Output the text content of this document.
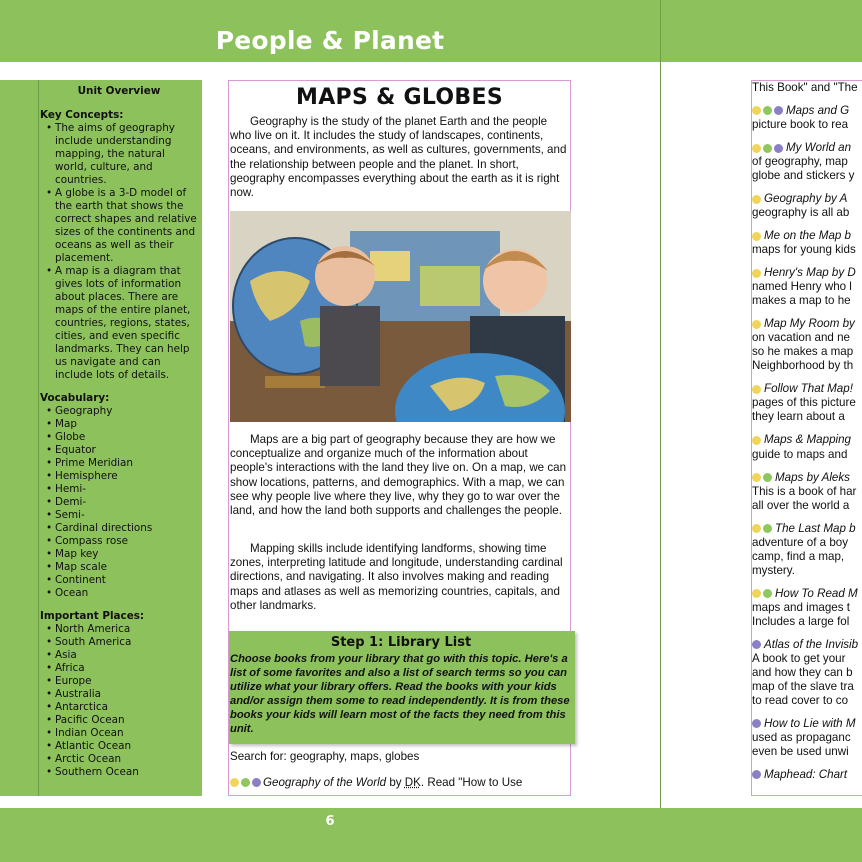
People & Planet
Unit Overview
Key Concepts:
• The aims of geography include understanding mapping, the natural world, culture, and countries.
• A globe is a 3-D model of the earth that shows the correct shapes and relative sizes of the continents and oceans as well as their placement.
• A map is a diagram that gives lots of information about places. There are maps of the entire planet, countries, regions, states, cities, and even specific landmarks. They can help us navigate and can include lots of details.
Vocabulary:
• Geography
• Map
• Globe
• Equator
• Prime Meridian
• Hemisphere
• Hemi-
• Demi-
• Semi-
• Cardinal directions
• Compass rose
• Map key
• Map scale
• Continent
• Ocean
Important Places:
• North America
• South America
• Asia
• Africa
• Europe
• Australia
• Antarctica
• Pacific Ocean
• Indian Ocean
• Atlantic Ocean
• Arctic Ocean
• Southern Ocean
MAPS & GLOBES

Geography is the study of the planet Earth and the people who live on it. It includes the study of landscapes, continents, oceans, and environments, as well as cultures, governments, and the relationship between people and the planet. In short, geography encompasses everything about the earth as it is right now.

Maps are a big part of geography because they are how we conceptualize and organize much of the information about people's interactions with the land they live on. On a map, we can show locations, patterns, and demographics. With a map, we can see why people live where they live, why they go to war over the land, and how the land both supports and challenges the people.

Mapping skills include identifying landforms, showing time zones, interpreting latitude and longitude, understanding cardinal directions, and navigating. It also involves making and reading maps and atlases as well as memorizing countries, capitals, and other landmarks.

Step 1: Library List

Choose books from your library that go with this topic. Here's a list of some favorites and also a list of search terms so you can utilize what your library offers. Read the books with your kids and/or assign them some to read independently. It is from these books your kids will learn most of the facts they need from this unit.

Search for: geography, maps, globes

Geography of the World by DK. Read "How to Use

This Book" and "The
Maps and G
picture book to rea
My World an
of geography, map
globe and stickers y
Geography by A
geography is all ab
Me on the Map b
maps for young kids
Henry's Map by D
named Henry who l
makes a map to he
Map My Room by
on vacation and ne
so he makes a map
Neighborhood by th
Follow That Map!
pages of this picture
they learn about a
Maps & Mapping
guide to maps and
Maps by Aleks
This is a book of har
all over the world a
The Last Map b
adventure of a boy
camp, find a map,
mystery.
How To Read M
maps and images t
Includes a large fol
Atlas of the Invisib
A book to get your
and how they can b
map of the slave tra
to read cover to co
How to Lie with M
used as propaganc
even be used unwi
Maphead: Chart
6
